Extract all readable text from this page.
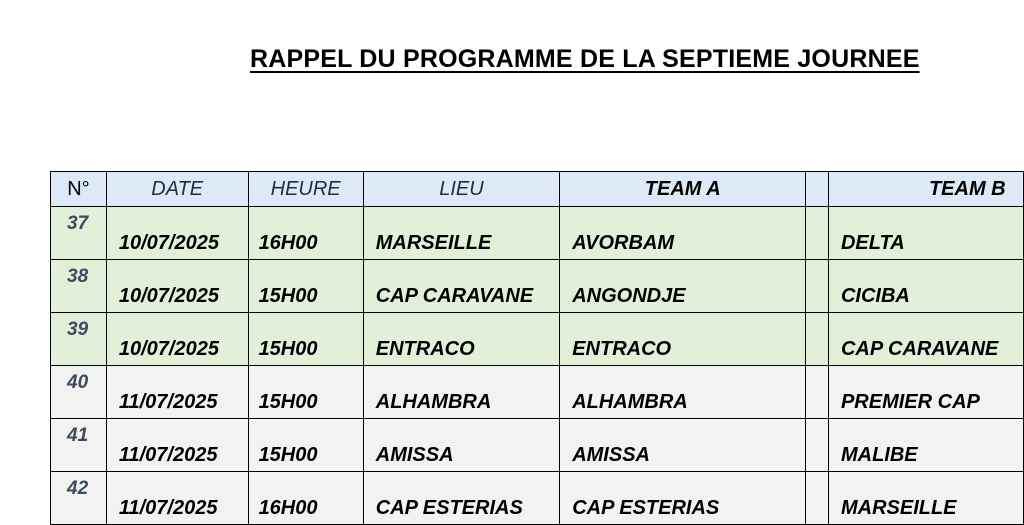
RAPPEL DU PROGRAMME DE LA SEPTIEME JOURNEE
N°	DATE	HEURE	LIEU	TEAM A		TEAM B
37	10/07/2025	16H00	MARSEILLE	AVORBAM		DELTA
38	10/07/2025	15H00	CAP CARAVANE	ANGONDJE		CICIBA
39	10/07/2025	15H00	ENTRACO	ENTRACO		CAP CARAVANE
40	11/07/2025	15H00	ALHAMBRA	ALHAMBRA		PREMIER CAP
41	11/07/2025	15H00	AMISSA	AMISSA		MALIBE
42	11/07/2025	16H00	CAP ESTERIAS	CAP ESTERIAS		MARSEILLE
